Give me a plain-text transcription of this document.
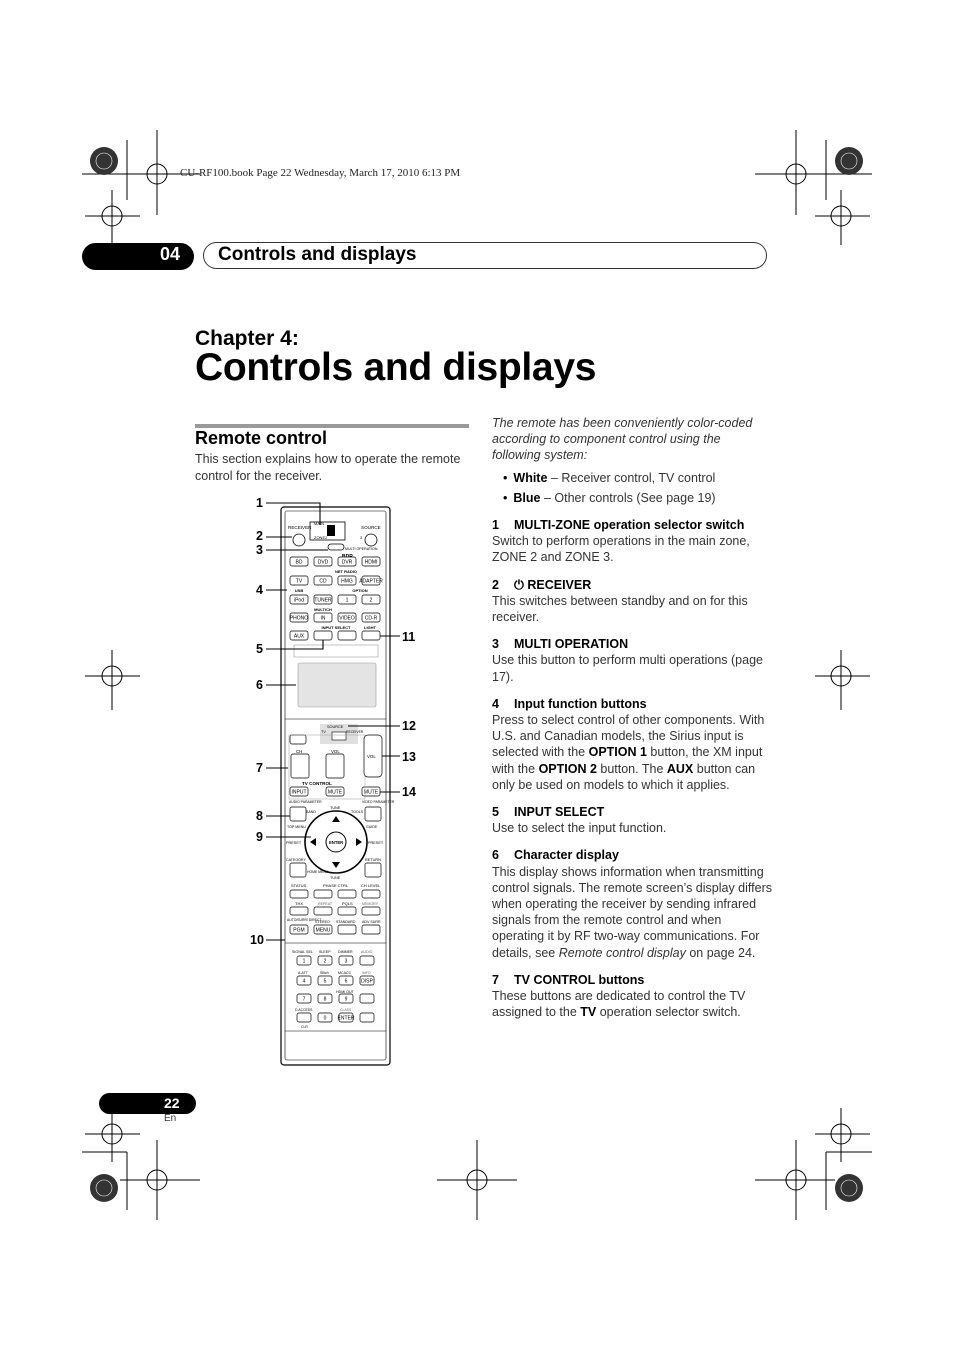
CU-RF100.book Page 22 Wednesday, March 17, 2010 6:13 PM
04 Controls and displays
Chapter 4:
Controls and displays
Remote control
This section explains how to operate the remote control for the receiver.
MAIN
ZONE2	3
RECEIVER	SOURCE
MULTI OPERATION
BD	DVD	DVR HDMI
TV	CD	HMG ADAPTER
iPod TUNER	1	2
PHONO IN	VIDEO CD-R
NET RADIO
USB	OPTION
MULTICH
INPUT SELECT	LIGHT
AUX
INPUT	MUTE	MUTE
PGM MENU
1	2	3
4	5	6
7	8	9
0 ENTER
DISP
SOURCE
TV	RECEIVER
CH	VOL
VOL
TV CONTROL
AUDIO PARAMETER	VIDEO PARAMETER
TUNE
TOOLS
BAND
TOP MENU	GUIDE
ENTER
PRESET	PRESET
CATEGORY	RETURN
HOME MENU
TUNE
STATUS	PHASE CTRL	CH LEVEL
THX	REPEAT PQLS	MEMORY
AUTO/SURR/ DIRECT
STEREO STANDARD ADV SURR
SIGNAL SEL SLEEP DIMMER AUDIO
A.ATT	SBch	MCACC	INFO
HDMI OUT
D.ACCESS	CLASS
CLR
1
2
3
4
5
6
7
8
9
10
11
12
13
14
The remote has been conveniently color-coded according to component control using the following system:
• White – Receiver control, TV control
• Blue – Other controls (See page 19)
1 MULTI-ZONE operation selector switch
Switch to perform operations in the main zone, ZONE 2 and ZONE 3.
2 ⏻ RECEIVER
This switches between standby and on for this receiver.
3 MULTI OPERATION
Use this button to perform multi operations (page 17).
4 Input function buttons
Press to select control of other components. With U.S. and Canadian models, the Sirius input is selected with the OPTION 1 button, the XM input with the OPTION 2 button. The AUX button can only be used on models to which it applies.
5 INPUT SELECT
Use to select the input function.
6 Character display
This display shows information when transmitting control signals. The remote screen’s display differs when operating the receiver by sending infrared signals from the remote control and when operating it by RF two-way communications. For details, see Remote control display on page 24.
7 TV CONTROL buttons
These buttons are dedicated to control the TV assigned to the TV operation selector switch.
22
En
